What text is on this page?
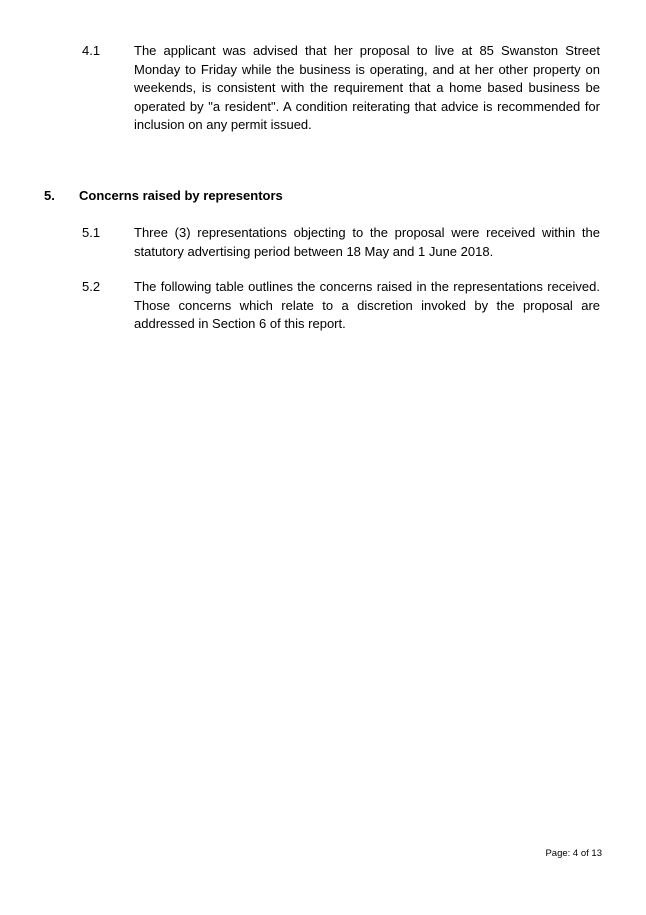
4.1	The applicant was advised that her proposal to live at 85 Swanston Street Monday to Friday while the business is operating, and at her other property on weekends, is consistent with the requirement that a home based business be operated by "a resident". A condition reiterating that advice is recommended for inclusion on any permit issued.
5. Concerns raised by representors
5.1	Three (3) representations objecting to the proposal were received within the statutory advertising period between 18 May and 1 June 2018.
5.2	The following table outlines the concerns raised in the representations received. Those concerns which relate to a discretion invoked by the proposal are addressed in Section 6 of this report.
Page: 4 of 13
